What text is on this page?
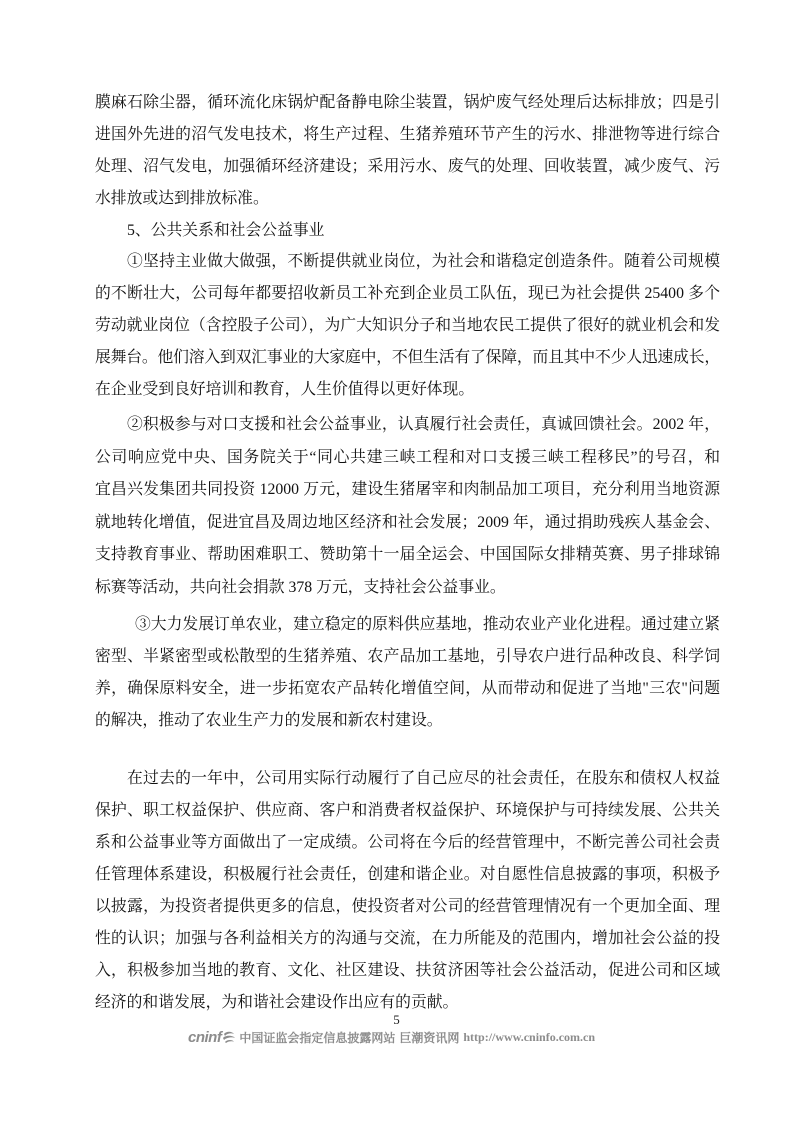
膜麻石除尘器，循环流化床锅炉配备静电除尘装置，锅炉废气经处理后达标排放；四是引
进国外先进的沼气发电技术，将生产过程、生猪养殖环节产生的污水、排泄物等进行综合
处理、沼气发电，加强循环经济建设；采用污水、废气的处理、回收装置，减少废气、污
水排放或达到排放标准。
5、公共关系和社会公益事业
①坚持主业做大做强，不断提供就业岗位，为社会和谐稳定创造条件。随着公司规模
的不断壮大，公司每年都要招收新员工补充到企业员工队伍，现已为社会提供 25400 多个
劳动就业岗位（含控股子公司），为广大知识分子和当地农民工提供了很好的就业机会和发
展舞台。他们溶入到双汇事业的大家庭中，不但生活有了保障，而且其中不少人迅速成长，
在企业受到良好培训和教育，人生价值得以更好体现。
②积极参与对口支援和社会公益事业，认真履行社会责任，真诚回馈社会。2002 年，
公司响应党中央、国务院关于“同心共建三峡工程和对口支援三峡工程移民”的号召，和
宜昌兴发集团共同投资 12000 万元，建设生猪屠宰和肉制品加工项目，充分利用当地资源
就地转化增值，促进宜昌及周边地区经济和社会发展；2009 年，通过捐助残疾人基金会、
支持教育事业、帮助困难职工、赞助第十一届全运会、中国国际女排精英赛、男子排球锦
标赛等活动，共向社会捐款 378 万元，支持社会公益事业。
③大力发展订单农业，建立稳定的原料供应基地，推动农业产业化进程。通过建立紧
密型、半紧密型或松散型的生猪养殖、农产品加工基地，引导农户进行品种改良、科学饲
养，确保原料安全，进一步拓宽农产品转化增值空间，从而带动和促进了当地"三农"问题
的解决，推动了农业生产力的发展和新农村建设。
在过去的一年中，公司用实际行动履行了自己应尽的社会责任，在股东和债权人权益
保护、职工权益保护、供应商、客户和消费者权益保护、环境保护与可持续发展、公共关
系和公益事业等方面做出了一定成绩。公司将在今后的经营管理中，不断完善公司社会责
任管理体系建设，积极履行社会责任，创建和谐企业。对自愿性信息披露的事项，积极予
以披露，为投资者提供更多的信息，使投资者对公司的经营管理情况有一个更加全面、理
性的认识；加强与各利益相关方的沟通与交流，在力所能及的范围内，增加社会公益的投
入，积极参加当地的教育、文化、社区建设、扶贫济困等社会公益活动，促进公司和区域
经济的和谐发展，为和谐社会建设作出应有的贡献。
5
cninf 中国证监会指定信息披露网站 巨潮资讯网 http://www.cninfo.com.cn
